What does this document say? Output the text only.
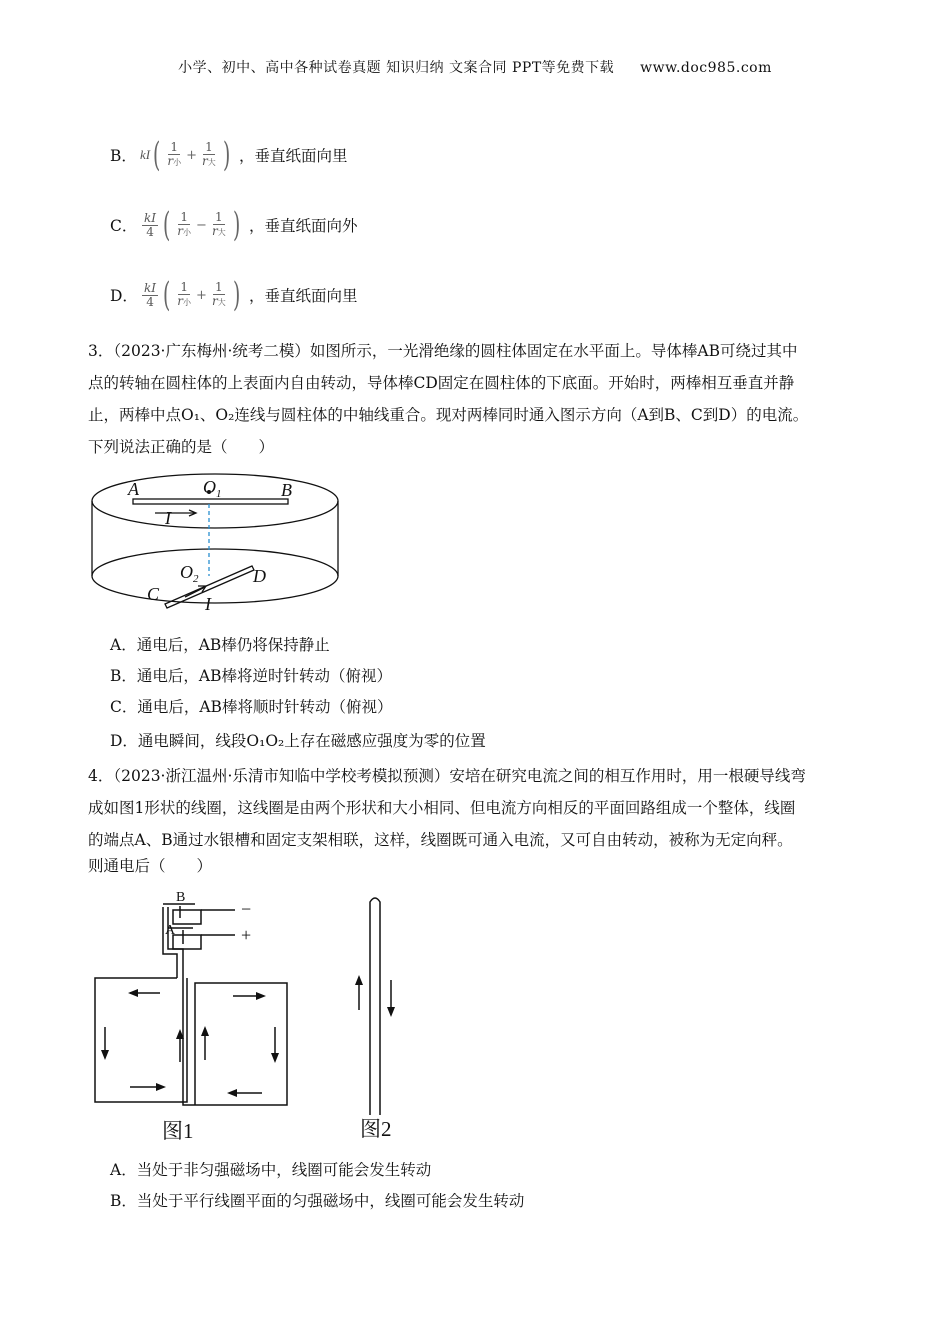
小学、初中、高中各种试卷真题 知识归纳 文案合同 PPT等免费下载 www.doc985.com
B． kI ( $\frac{1}{\text{r小}} + \frac{1}{\text{r大}}$ ) ，垂直纸面向里
C． $\frac{kI}{4}$ ( $\frac{1}{\text{r小}} - \frac{1}{\text{r大}}$ ) ，垂直纸面向外
D． $\frac{kI}{4}$ ( $\frac{1}{\text{r小}} + \frac{1}{\text{r大}}$ ) ，垂直纸面向里
3．（2023·广东梅州·统考二模）如图所示，一光滑绝缘的圆柱体固定在水平面上。导体棒AB可绕过其中
点的转轴在圆柱体的上表面内自由转动，导体棒CD固定在圆柱体的下底面。开始时，两棒相互垂直并静
止，两棒中点O₁、O₂连线与圆柱体的中轴线重合。现对两棒同时通入图示方向（A到B、C到D）的电流。
下列说法正确的是（　　）
A	B
$O_1$
I
$O_2$	D
C	I
A．通电后，AB棒仍将保持静止
B．通电后，AB棒将逆时针转动（俯视）
C．通电后，AB棒将顺时针转动（俯视）
D．通电瞬间，线段O₁O₂上存在磁感应强度为零的位置
4．（2023·浙江温州·乐清市知临中学校考模拟预测）安培在研究电流之间的相互作用时，用一根硬导线弯
成如图1形状的线圈，这线圈是由两个形状和大小相同、但电流方向相反的平面回路组成一个整体，线圈
的端点A、B通过水银槽和固定支架相联，这样，线圈既可通入电流，又可自由转动，被称为无定向秤。
则通电后（　　）
B
A
−
+
图1	图2
A．当处于非匀强磁场中，线圈可能会发生转动
B．当处于平行线圈平面的匀强磁场中，线圈可能会发生转动
